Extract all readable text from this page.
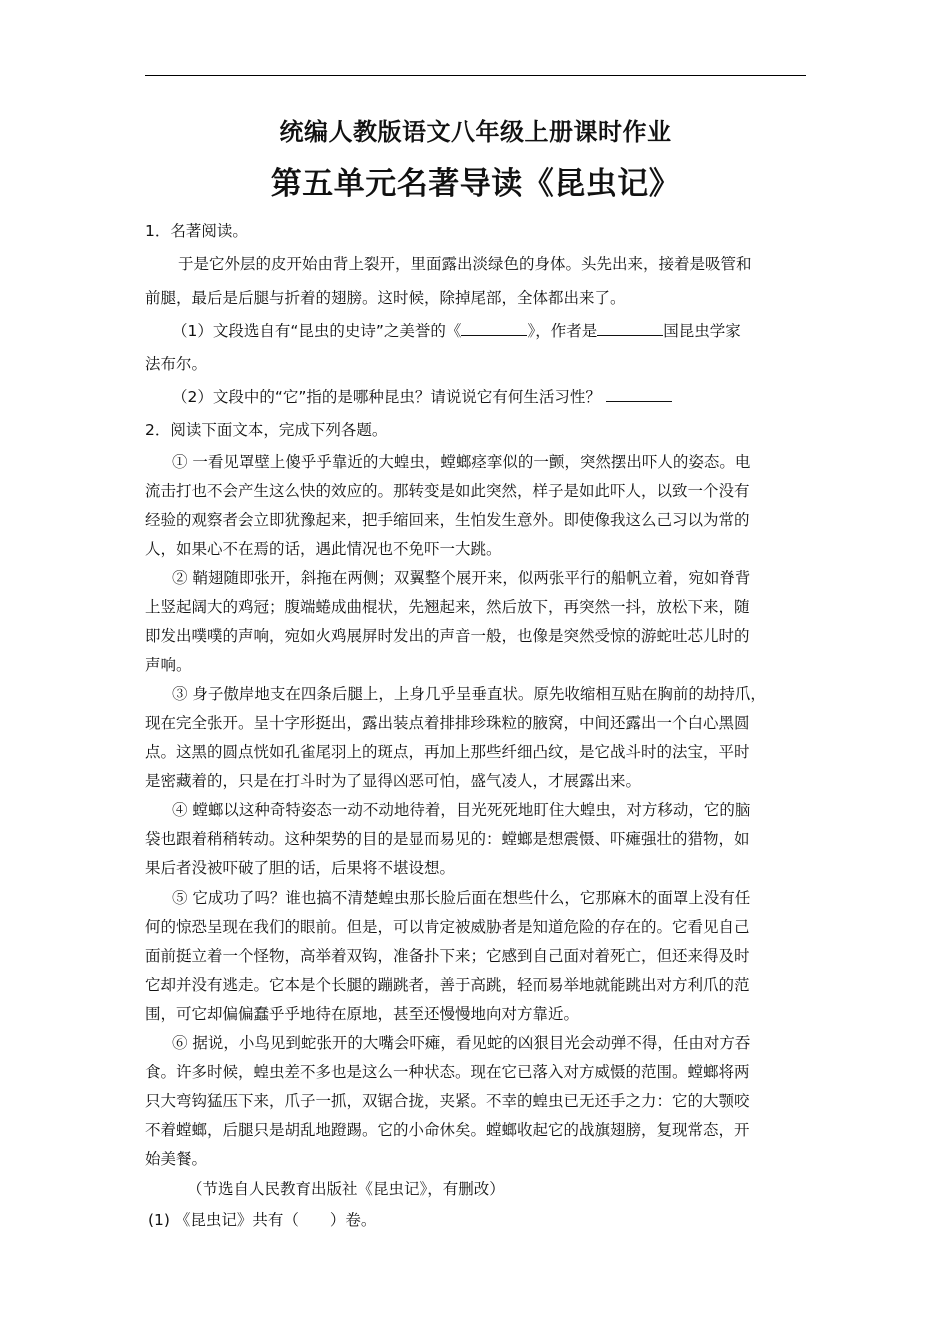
统编人教版语文八年级上册课时作业
第五单元名著导读《昆虫记》
1．名著阅读。
于是它外层的皮开始由背上裂开，里面露出淡绿色的身体。头先出来，接着是吸管和
前腿，最后是后腿与折着的翅膀。这时候，除掉尾部，全体都出来了。
（1）文段选自有“昆虫的史诗”之美誉的《	》，作者是	国昆虫学家
法布尔。
（2）文段中的“它”指的是哪种昆虫？请说说它有何生活习性？
2．阅读下面文本，完成下列各题。
① 一看见罩壁上傻乎乎靠近的大蝗虫，螳螂痉挛似的一颤，突然摆出吓人的姿态。电
流击打也不会产生这么快的效应的。那转变是如此突然，样子是如此吓人，以致一个没有
经验的观察者会立即犹豫起来，把手缩回来，生怕发生意外。即使像我这么己习以为常的
人，如果心不在焉的话，遇此情况也不免吓一大跳。
② 鞘翅随即张开，斜拖在两侧；双翼整个展开来，似两张平行的船帆立着，宛如脊背
上竖起阔大的鸡冠；腹端蜷成曲棍状，先翘起来，然后放下，再突然一抖，放松下来，随
即发出噗噗的声响，宛如火鸡展屏时发出的声音一般，也像是突然受惊的游蛇吐芯儿时的
声响。
③ 身子傲岸地支在四条后腿上，上身几乎呈垂直状。原先收缩相互贴在胸前的劫持爪，
现在完全张开。呈十字形挺出，露出装点着排排珍珠粒的腋窝，中间还露出一个白心黑圆
点。这黑的圆点恍如孔雀尾羽上的斑点，再加上那些纤细凸纹，是它战斗时的法宝，平时
是密藏着的，只是在打斗时为了显得凶恶可怕，盛气凌人，才展露出来。
④ 螳螂以这种奇特姿态一动不动地待着，目光死死地盯住大蝗虫，对方移动，它的脑
袋也跟着稍稍转动。这种架势的目的是显而易见的：螳螂是想震慑、吓瘫强壮的猎物，如
果后者没被吓破了胆的话，后果将不堪设想。
⑤ 它成功了吗？谁也搞不清楚蝗虫那长脸后面在想些什么，它那麻木的面罩上没有任
何的惊恐呈现在我们的眼前。但是，可以肯定被威胁者是知道危险的存在的。它看见自己
面前挺立着一个怪物，高举着双钩，准备扑下来；它感到自己面对着死亡，但还来得及时
它却并没有逃走。它本是个长腿的蹦跳者，善于高跳，轻而易举地就能跳出对方利爪的范
围，可它却偏偏蠢乎乎地待在原地，甚至还慢慢地向对方靠近。
⑥ 据说，小鸟见到蛇张开的大嘴会吓瘫，看见蛇的凶狠目光会动弹不得，任由对方吞
食。许多时候，蝗虫差不多也是这么一种状态。现在它已落入对方威慑的范围。螳螂将两
只大弯钩猛压下来，爪子一抓，双锯合拢，夹紧。不幸的蝗虫已无还手之力：它的大颚咬
不着螳螂，后腿只是胡乱地蹬踢。它的小命休矣。螳螂收起它的战旗翅膀，复现常态，开
始美餐。
（节选自人民教育出版社《昆虫记》，有删改）
(1) 《昆虫记》共有（　　）卷。
